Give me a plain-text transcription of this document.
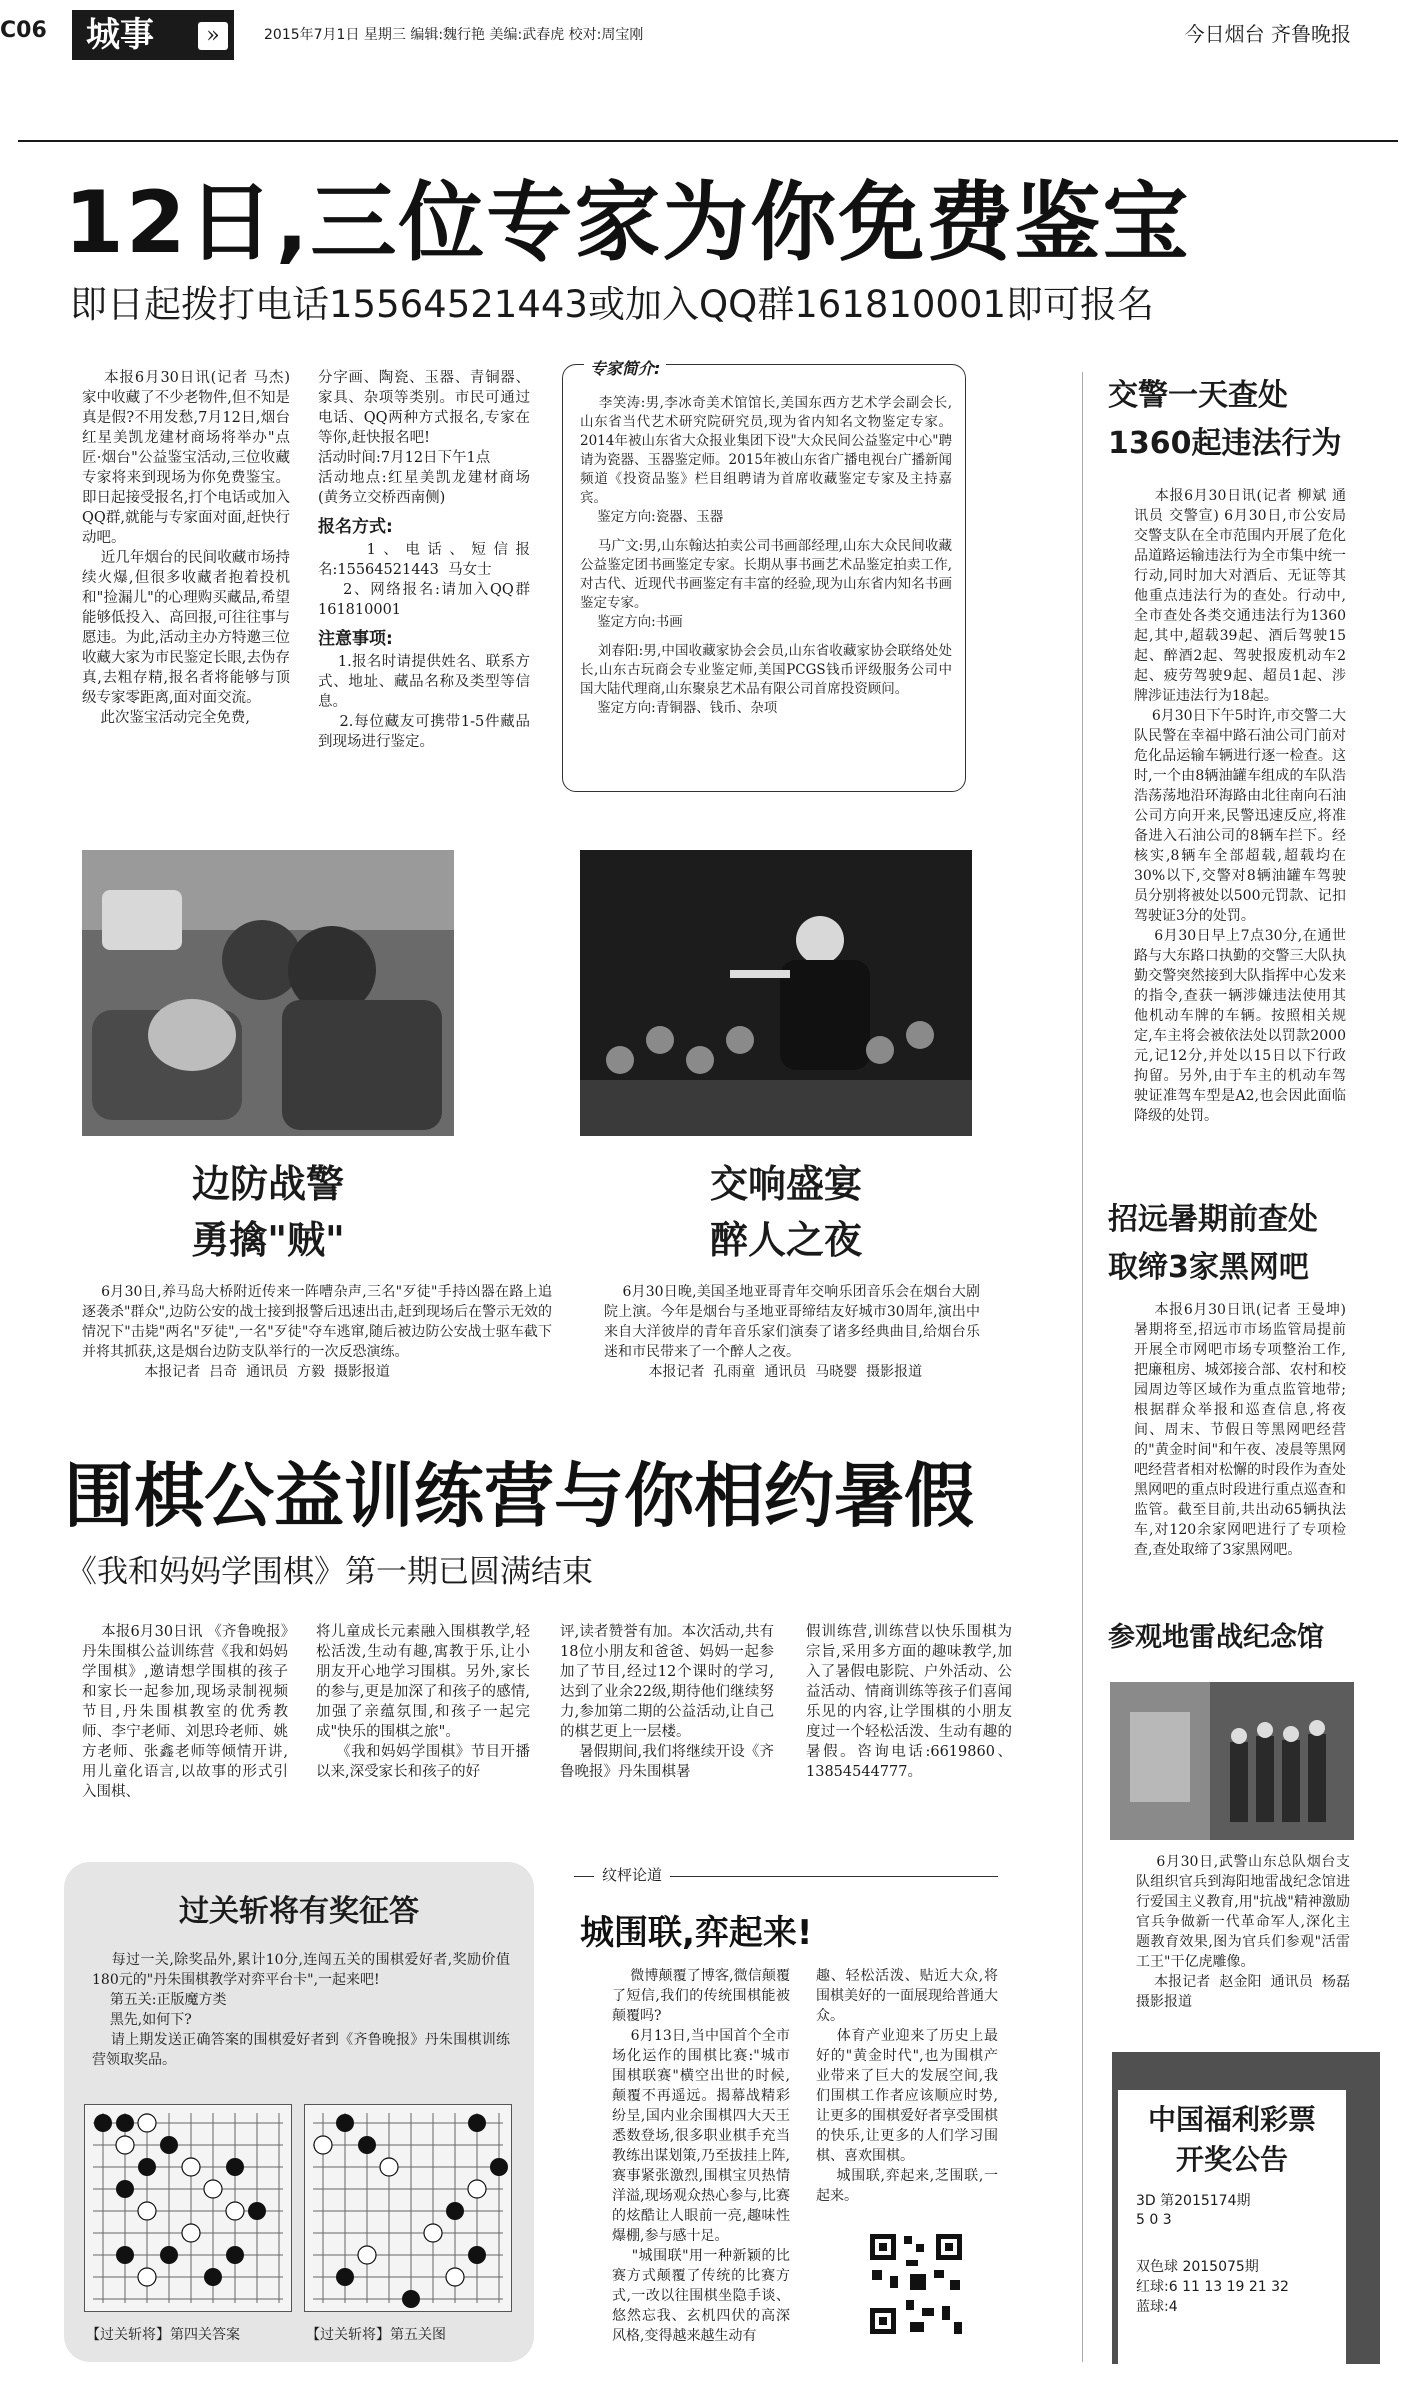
C06	城事	»	2015年7月1日 星期三 编辑:魏行艳 美编:武春虎 校对:周宝刚	今日烟台 齐鲁晚报
12日,三位专家为你免费鉴宝
即日起拨打电话15564521443或加入QQ群161810001即可报名
本报6月30日讯(记者 马杰) 家中收藏了不少老物件,但不知是真是假?不用发愁,7月12日,烟台红星美凯龙建材商场将举办"点匠·烟台"公益鉴宝活动,三位收藏专家将来到现场为你免费鉴宝。即日起接受报名,打个电话或加入QQ群,就能与专家面对面,赶快行动吧。
近几年烟台的民间收藏市场持续火爆,但很多收藏者抱着投机和"捡漏儿"的心理购买藏品,希望能够低投入、高回报,可往往事与愿违。为此,活动主办方特邀三位收藏大家为市民鉴定长眼,去伪存真,去粗存精,报名者将能够与顶级专家零距离,面对面交流。
此次鉴宝活动完全免费,
分字画、陶瓷、玉器、青铜器、家具、杂项等类别。市民可通过电话、QQ两种方式报名,专家在等你,赶快报名吧!
活动时间:7月12日下午1点
活动地点:红星美凯龙建材商场(黄务立交桥西南侧)
报名方式:
1、电话、短信报名:15564521443  马女士
2、网络报名:请加入QQ群161810001
注意事项:
1.报名时请提供姓名、联系方式、地址、藏品名称及类型等信息。
2.每位藏友可携带1-5件藏品到现场进行鉴定。
专家简介:
李笑涛:男,李冰奇美术馆馆长,美国东西方艺术学会副会长,山东省当代艺术研究院研究员,现为省内知名文物鉴定专家。2014年被山东省大众报业集团下设"大众民间公益鉴定中心"聘请为瓷器、玉器鉴定师。2015年被山东省广播电视台广播新闻频道《投资品鉴》栏目组聘请为首席收藏鉴定专家及主持嘉宾。
鉴定方向:瓷器、玉器
马广文:男,山东翰达拍卖公司书画部经理,山东大众民间收藏公益鉴定团书画鉴定专家。长期从事书画艺术品鉴定拍卖工作,对古代、近现代书画鉴定有丰富的经验,现为山东省内知名书画鉴定专家。
鉴定方向:书画
刘春阳:男,中国收藏家协会会员,山东省收藏家协会联络处处长,山东古玩商会专业鉴定师,美国PCGS钱币评级服务公司中国大陆代理商,山东聚泉艺术品有限公司首席投资顾问。
鉴定方向:青铜器、钱币、杂项
边防战警
勇擒"贼"
交响盛宴
醉人之夜
6月30日,养马岛大桥附近传来一阵嘈杂声,三名"歹徒"手持凶器在路上追逐袭杀"群众",边防公安的战士接到报警后迅速出击,赶到现场后在警示无效的情况下"击毙"两名"歹徒",一名"歹徒"夺车逃窜,随后被边防公安战士驱车截下并将其抓获,这是烟台边防支队举行的一次反恐演练。
本报记者  吕奇  通讯员  方毅  摄影报道
6月30日晚,美国圣地亚哥青年交响乐团音乐会在烟台大剧院上演。今年是烟台与圣地亚哥缔结友好城市30周年,演出中来自大洋彼岸的青年音乐家们演奏了诸多经典曲目,给烟台乐迷和市民带来了一个醉人之夜。
本报记者  孔雨童  通讯员  马晓婴  摄影报道
围棋公益训练营与你相约暑假
《我和妈妈学围棋》第一期已圆满结束
本报6月30日讯 《齐鲁晚报》丹朱围棋公益训练营《我和妈妈学围棋》,邀请想学围棋的孩子和家长一起参加,现场录制视频节目,丹朱围棋教室的优秀教师、李宁老师、刘思玲老师、姚方老师、张鑫老师等倾情开讲,用儿童化语言,以故事的形式引入围棋、
将儿童成长元素融入围棋教学,轻松活泼,生动有趣,寓教于乐,让小朋友开心地学习围棋。另外,家长的参与,更是加深了和孩子的感情,加强了亲蕴氛围,和孩子一起完成"快乐的围棋之旅"。
《我和妈妈学围棋》节目开播以来,深受家长和孩子的好
评,读者赞誉有加。本次活动,共有18位小朋友和爸爸、妈妈一起参加了节目,经过12个课时的学习,达到了业余22级,期待他们继续努力,参加第二期的公益活动,让自己的棋艺更上一层楼。
暑假期间,我们将继续开设《齐鲁晚报》丹朱围棋暑
假训练营,训练营以快乐围棋为宗旨,采用多方面的趣味教学,加入了暑假电影院、户外活动、公益活动、情商训练等孩子们喜闻乐见的内容,让学围棋的小朋友度过一个轻松活泼、生动有趣的暑假。咨询电话:6619860、13854544777。
过关斩将有奖征答
每过一关,除奖品外,累计10分,连闯五关的围棋爱好者,奖励价值180元的"丹朱围棋教学对弈平台卡",一起来吧!
第五关:正版魔方类
黑先,如何下?
请上期发送正确答案的围棋爱好者到《齐鲁晚报》丹朱围棋训练营领取奖品。
【过关斩将】第四关答案	【过关斩将】第五关图
纹枰论道
城围联,弈起来!
微博颠覆了博客,微信颠覆了短信,我们的传统围棋能被颠覆吗?
6月13日,当中国首个全市场化运作的围棋比赛:"城市围棋联赛"横空出世的时候,颠覆不再遥远。揭幕战精彩纷呈,国内业余围棋四大天王悉数登场,很多职业棋手充当教练出谋划策,乃至拔挂上阵,赛事紧张激烈,围棋宝贝热情洋溢,现场观众热心参与,比赛的炫酷让人眼前一亮,趣味性爆棚,参与感十足。
"城围联"用一种新颖的比赛方式颠覆了传统的比赛方式,一改以往围棋坐隐手谈、悠然忘我、玄机四伏的高深风格,变得越来越生动有
趣、轻松活泼、贴近大众,将围棋美好的一面展现给普通大众。
体育产业迎来了历史上最好的"黄金时代",也为围棋产业带来了巨大的发展空间,我们围棋工作者应该顺应时势,让更多的围棋爱好者享受围棋的快乐,让更多的人们学习围棋、喜欢围棋。
城围联,弈起来,芝围联,一起来。
交警一天查处
1360起违法行为
本报6月30日讯(记者 柳斌 通讯员 交警宣) 6月30日,市公安局交警支队在全市范围内开展了危化品道路运输违法行为全市集中统一行动,同时加大对酒后、无证等其他重点违法行为的查处。行动中,全市查处各类交通违法行为1360起,其中,超载39起、酒后驾驶15起、醉酒2起、驾驶报废机动车2起、疲劳驾驶9起、超员1起、涉牌涉证违法行为18起。
6月30日下午5时许,市交警二大队民警在幸福中路石油公司门前对危化品运输车辆进行逐一检查。这时,一个由8辆油罐车组成的车队浩浩荡荡地沿环海路由北往南向石油公司方向开来,民警迅速反应,将准备进入石油公司的8辆车拦下。经核实,8辆车全部超载,超载均在30%以下,交警对8辆油罐车驾驶员分别将被处以500元罚款、记扣驾驶证3分的处罚。
6月30日早上7点30分,在通世路与大东路口执勤的交警三大队执勤交警突然接到大队指挥中心发来的指令,查获一辆涉嫌违法使用其他机动车牌的车辆。按照相关规定,车主将会被依法处以罚款2000元,记12分,并处以15日以下行政拘留。另外,由于车主的机动车驾驶证准驾车型是A2,也会因此面临降级的处罚。
招远暑期前查处
取缔3家黑网吧
本报6月30日讯(记者 王曼坤) 暑期将至,招远市市场监管局提前开展全市网吧市场专项整治工作,把廉租房、城郊接合部、农村和校园周边等区域作为重点监管地带;根据群众举报和巡查信息,将夜间、周末、节假日等黑网吧经营的"黄金时间"和午夜、凌晨等黑网吧经营者相对松懈的时段作为查处黑网吧的重点时段进行重点巡查和监管。截至目前,共出动65辆执法车,对120余家网吧进行了专项检查,查处取缔了3家黑网吧。
参观地雷战纪念馆
6月30日,武警山东总队烟台支队组织官兵到海阳地雷战纪念馆进行爱国主义教育,用"抗战"精神激励官兵争做新一代革命军人,深化主题教育效果,图为官兵们参观"活雷工王"干亿虎雕像。
本报记者  赵金阳  通讯员  杨磊  摄影报道
中国福利彩票
开奖公告
3D 第2015174期
5 0 3
双色球 2015075期
红球:6 11 13 19 21 32
蓝球:4
